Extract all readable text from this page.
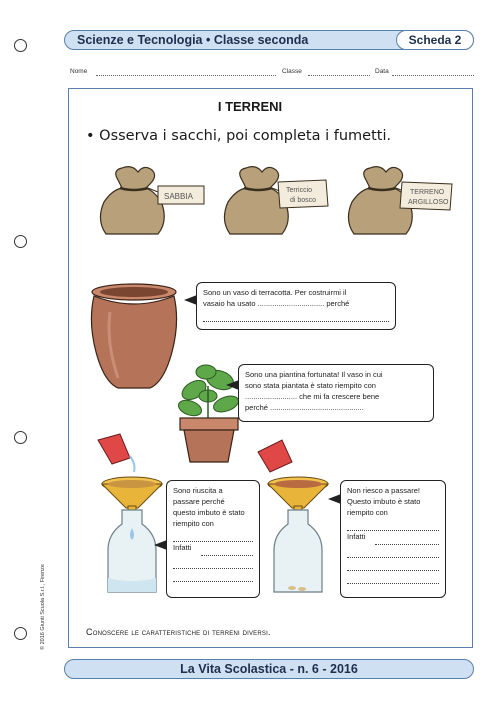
Scienze e Tecnologia • Classe seconda	Scheda 2
Nome	Classe	Data
I TERRENI
• Osserva i sacchi, poi completa i fumetti.
SABBIA
Terriccio
di bosco
TERRENO
ARGILLOSO
Sono un vaso di terracotta. Per costruirmi il
vasaio ha usato ................................ perché
Sono una piantina fortunata! Il vaso in cui
sono stata piantata è stato riempito con
......................... che mi fa crescere bene
perché .............................................
Sono riuscita a
passare perché
questo imbuto è stato
riempito con
Infatti
Non riesco a passare!
Questo imbuto è stato
riempito con
Infatti
Conoscere le caratteristiche di terreni diversi.
© 2016 Giunti Scuola S.r.l., Firenze
La Vita Scolastica - n. 6 - 2016
